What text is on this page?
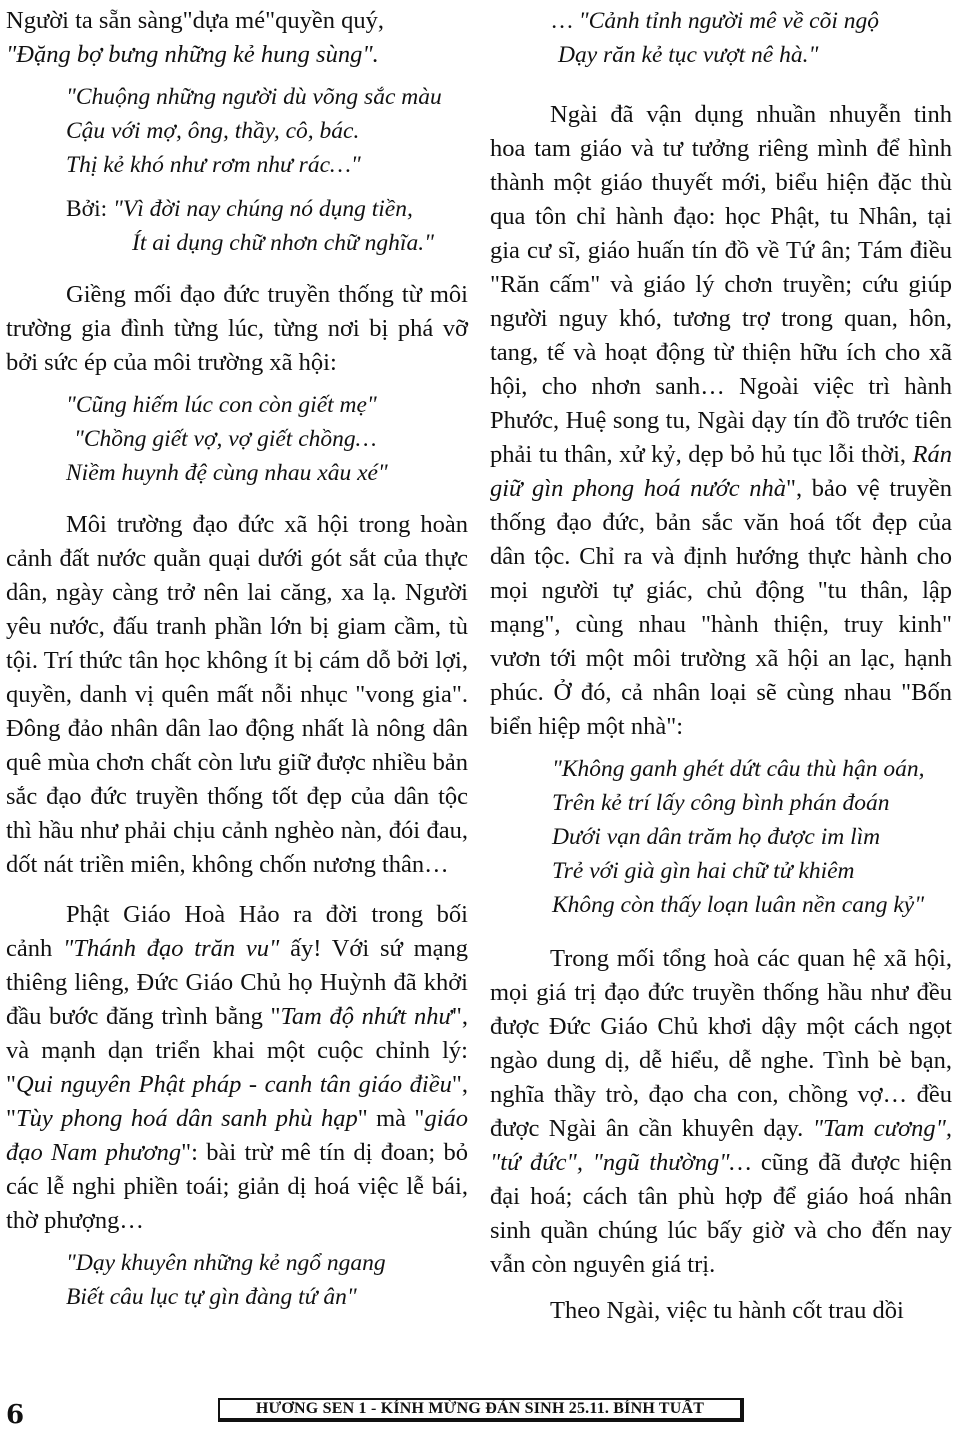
Người ta sẵn sàng"dựa mé"quyền quý,
"Đặng bợ bưng những kẻ hung sùng".

"Chuộng những người dù võng sắc màu
Cậu với mợ, ông, thầy, cô, bác.
Thị kẻ khó như rơm như rác…"
Bởi: "Vì đời nay chúng nó dụng tiền,
Ít ai dụng chữ nhơn chữ nghĩa."

Giềng mối đạo đức truyền thống từ môi trường gia đình từng lúc, từng nơi bị phá vỡ bởi sức ép của môi trường xã hội:

"Cũng hiếm lúc con còn giết mẹ"
"Chồng giết vợ, vợ giết chồng…
Niềm huynh đệ cùng nhau xâu xé"

Môi trường đạo đức xã hội trong hoàn cảnh đất nước quằn quại dưới gót sắt của thực dân, ngày càng trở nên lai căng, xa lạ. Người yêu nước, đấu tranh phần lớn bị giam cầm, tù tội. Trí thức tân học không ít bị cám dỗ bởi lợi, quyền, danh vị quên mất nỗi nhục "vong gia". Đông đảo nhân dân lao động nhất là nông dân quê mùa chơn chất còn lưu giữ được nhiều bản sắc đạo đức truyền thống tốt đẹp của dân tộc thì hầu như phải chịu cảnh nghèo nàn, đói đau, dốt nát triền miên, không chốn nương thân…

Phật Giáo Hoà Hảo ra đời trong bối cảnh "Thánh đạo trăn vu" ấy! Với sứ mạng thiêng liêng, Đức Giáo Chủ họ Huỳnh đã khởi đầu bước đăng trình bằng "Tam độ nhứt như", và mạnh dạn triển khai một cuộc chỉnh lý: "Qui nguyên Phật pháp - canh tân giáo điều", "Tùy phong hoá dân sanh phù hạp" mà "giáo đạo Nam phương": bài trừ mê tín dị đoan; bỏ các lễ nghi phiền toái; giản dị hoá việc lễ bái, thờ phượng…

"Dạy khuyên những kẻ ngổ ngang
Biết câu lục tự gìn đàng tứ ân"
… "Cảnh tỉnh người mê về cõi ngộ
Dạy răn kẻ tục vượt nê hà."

Ngài đã vận dụng nhuần nhuyễn tinh hoa tam giáo và tư tưởng riêng mình để hình thành một giáo thuyết mới, biểu hiện đặc thù qua tôn chỉ hành đạo: học Phật, tu Nhân, tại gia cư sĩ, giáo huấn tín đồ về Tứ ân; Tám điều "Răn cấm" và giáo lý chơn truyền; cứu giúp người nguy khó, tương trợ trong quan, hôn, tang, tế và hoạt động từ thiện hữu ích cho xã hội, cho nhơn sanh… Ngoài việc trì hành Phước, Huệ song tu, Ngài dạy tín đồ trước tiên phải tu thân, xử kỷ, dẹp bỏ hủ tục lỗi thời, Rán giữ gìn phong hoá nước nhà", bảo vệ truyền thống đạo đức, bản sắc văn hoá tốt đẹp của dân tộc. Chỉ ra và định hướng thực hành cho mọi người tự giác, chủ động "tu thân, lập mạng", cùng nhau "hành thiện, truy kinh" vươn tới một môi trường xã hội an lạc, hạnh phúc. Ở đó, cả nhân loại sẽ cùng nhau "Bốn biển hiệp một nhà":

"Không ganh ghét dứt câu thù hận oán,
Trên kẻ trí lấy công bình phán đoán
Dưới vạn dân trăm họ được im lìm
Trẻ với già gìn hai chữ tử khiêm
Không còn thấy loạn luân nền cang kỷ"

Trong mối tổng hoà các quan hệ xã hội, mọi giá trị đạo đức truyền thống hầu như đều được Đức Giáo Chủ khơi dậy một cách ngọt ngào dung dị, dễ hiểu, dễ nghe. Tình bè bạn, nghĩa thầy trò, đạo cha con, chồng vợ… đều được Ngài ân cần khuyên dạy. "Tam cương", "tứ đức", "ngũ thường"… cũng đã được hiện đại hoá; cách tân phù hợp để giáo hoá nhân sinh quần chúng lúc bấy giờ và cho đến nay vẫn còn nguyên giá trị.

Theo Ngài, việc tu hành cốt trau dồi

6	HƯƠNG SEN 1 - KÍNH MỪNG ĐẢN SINH 25.11. BÍNH TUẤT
